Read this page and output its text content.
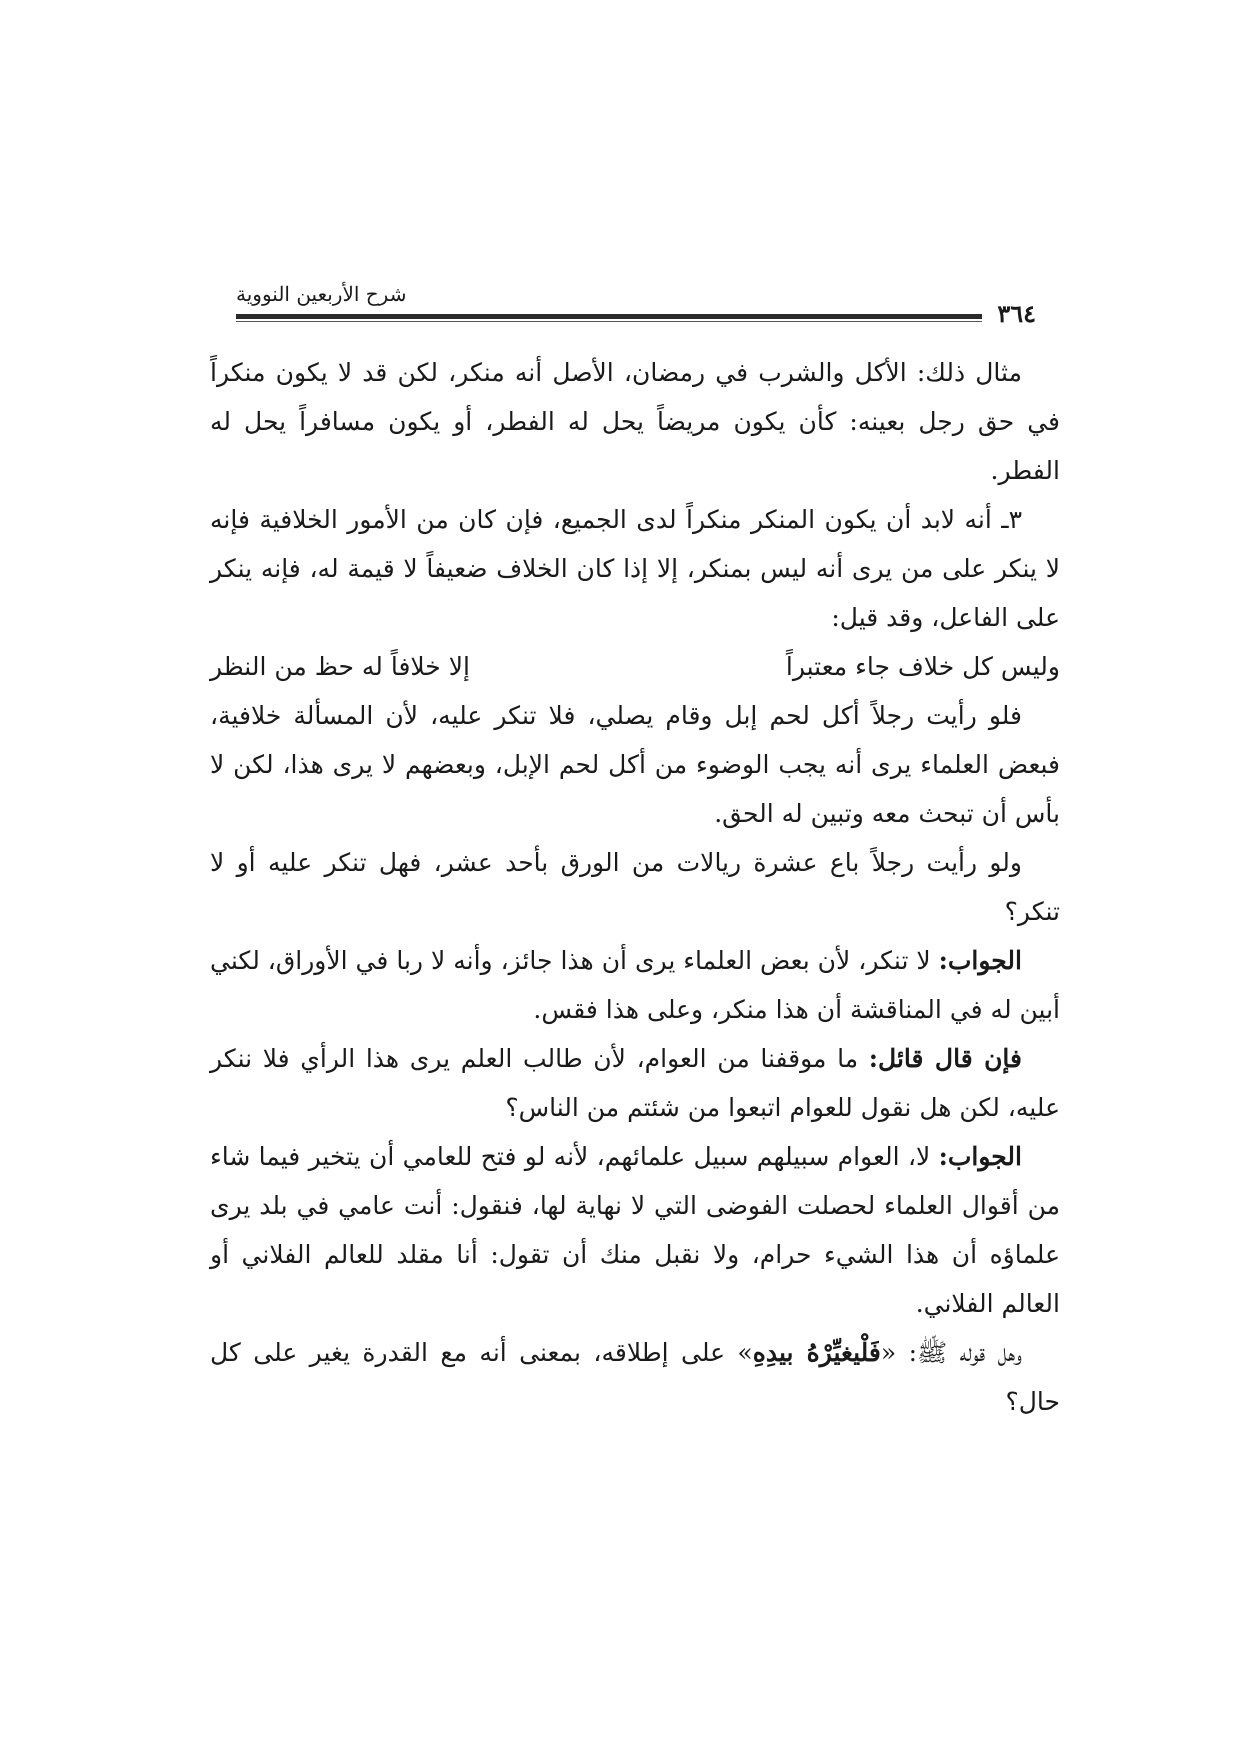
شرح الأربعين النووية
٣٦٤

مثال ذلك: الأكل والشرب في رمضان، الأصل أنه منكر، لكن قد لا يكون منكراً في حق رجل بعينه: كأن يكون مريضاً يحل له الفطر، أو يكون مسافراً يحل له الفطر.

٣ـ أنه لابد أن يكون المنكر منكراً لدى الجميع، فإن كان من الأمور الخلافية فإنه لا ينكر على من يرى أنه ليس بمنكر، إلا إذا كان الخلاف ضعيفاً لا قيمة له، فإنه ينكر على الفاعل، وقد قيل:

وليس كل خلاف جاء معتبراً
إلا خلافاً له حظ من النظر

فلو رأيت رجلاً أكل لحم إبل وقام يصلي، فلا تنكر عليه، لأن المسألة خلافية، فبعض العلماء يرى أنه يجب الوضوء من أكل لحم الإبل، وبعضهم لا يرى هذا، لكن لا بأس أن تبحث معه وتبين له الحق.

ولو رأيت رجلاً باع عشرة ريالات من الورق بأحد عشر، فهل تنكر عليه أو لا تنكر؟

الجواب: لا تنكر، لأن بعض العلماء يرى أن هذا جائز، وأنه لا ربا في الأوراق، لكني أبين له في المناقشة أن هذا منكر، وعلى هذا فقس.

فإن قال قائل: ما موقفنا من العوام، لأن طالب العلم يرى هذا الرأي فلا ننكر عليه، لكن هل نقول للعوام اتبعوا من شئتم من الناس؟

الجواب: لا، العوام سبيلهم سبيل علمائهم، لأنه لو فتح للعامي أن يتخير فيما شاء من أقوال العلماء لحصلت الفوضى التي لا نهاية لها، فنقول: أنت عامي في بلد يرى علماؤه أن هذا الشيء حرام، ولا نقبل منك أن تقول: أنا مقلد للعالم الفلاني أو العالم الفلاني.

وهل قوله ﷺ: «فَلْيغيِّرْهُ بيدِهِ» على إطلاقه، بمعنى أنه مع القدرة يغير على كل حال؟
